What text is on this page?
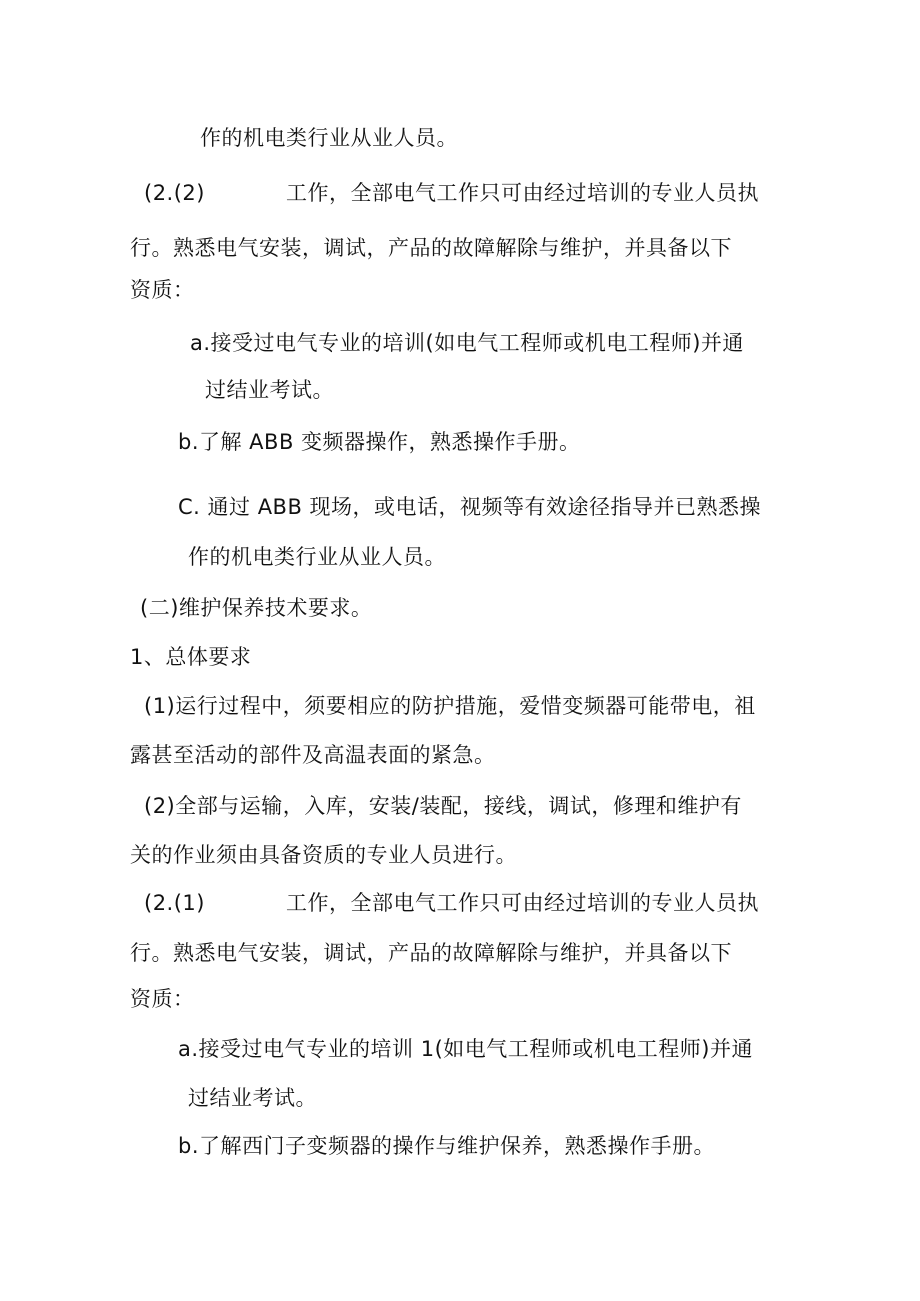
作的机电类行业从业人员。
(2.(2)	工作，全部电气工作只可由经过培训的专业人员执
行。熟悉电气安装，调试，产品的故障解除与维护，并具备以下
资质：
a.接受过电气专业的培训(如电气工程师或机电工程师)并通
过结业考试。
b.了解 ABB 变频器操作，熟悉操作手册。
C. 通过 ABB 现场，或电话，视频等有效途径指导并已熟悉操
作的机电类行业从业人员。
(二)维护保养技术要求。
1、总体要求
(1)运行过程中，须要相应的防护措施，爱惜变频器可能带电，祖
露甚至活动的部件及高温表面的紧急。
(2)全部与运输，入库，安装/装配，接线，调试，修理和维护有
关的作业须由具备资质的专业人员进行。
(2.(1)	工作，全部电气工作只可由经过培训的专业人员执
行。熟悉电气安装，调试，产品的故障解除与维护，并具备以下
资质：
a.接受过电气专业的培训 1(如电气工程师或机电工程师)并通
过结业考试。
b.了解西门子变频器的操作与维护保养，熟悉操作手册。
